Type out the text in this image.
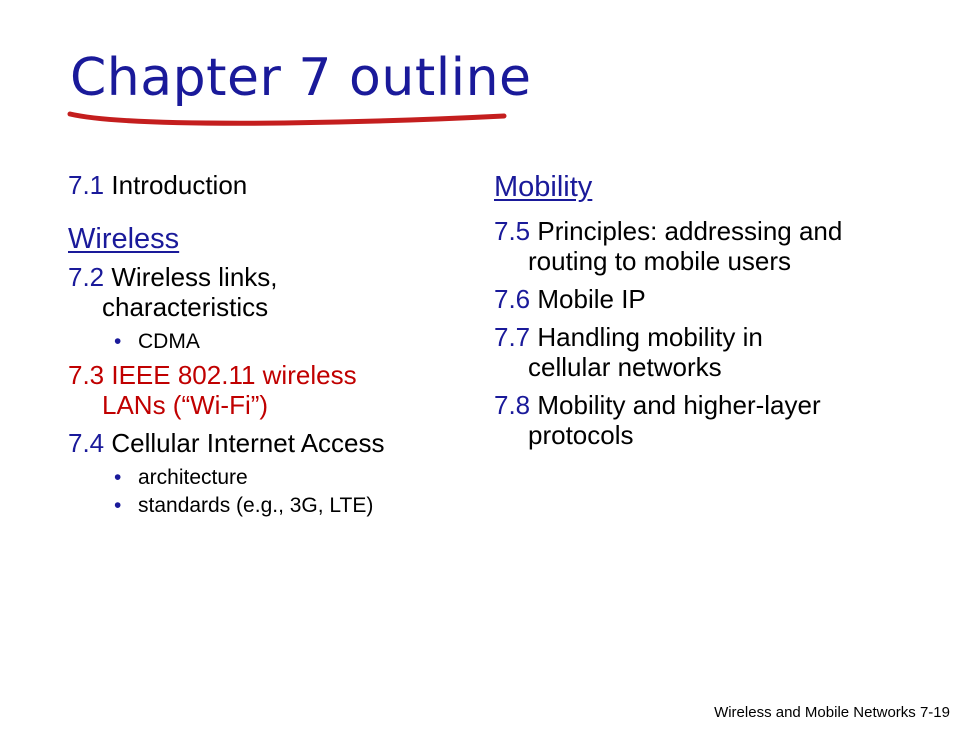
Chapter 7 outline
7.1 Introduction
Wireless
7.2 Wireless links,
characteristics
• CDMA
7.3 IEEE 802.11 wireless
LANs (“Wi-Fi”)
7.4 Cellular Internet Access
• architecture
• standards (e.g., 3G, LTE)
Mobility
7.5 Principles: addressing and
routing to mobile users
7.6 Mobile IP
7.7 Handling mobility in
cellular networks
7.8 Mobility and higher-layer
protocols
Wireless and Mobile Networks 7-19
